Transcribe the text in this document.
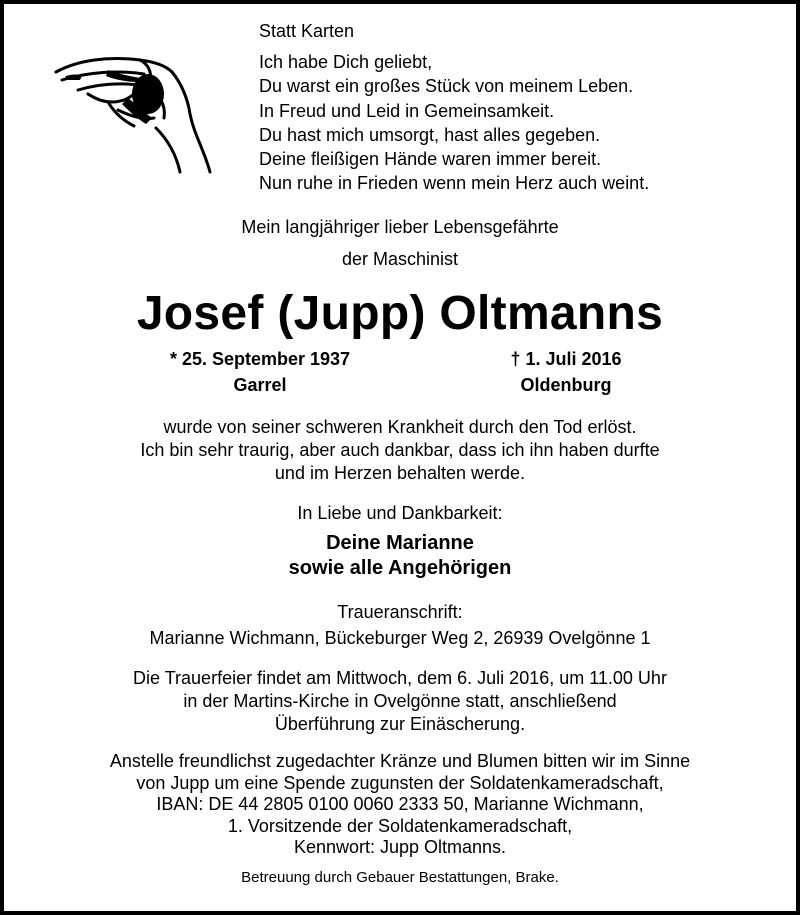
Statt Karten
Ich habe Dich geliebt,
Du warst ein großes Stück von meinem Leben.
In Freud und Leid in Gemeinsamkeit.
Du hast mich umsorgt, hast alles gegeben.
Deine fleißigen Hände waren immer bereit.
Nun ruhe in Frieden wenn mein Herz auch weint.
Mein langjähriger lieber Lebensgefährte
der Maschinist
Josef (Jupp) Oltmanns
* 25. September 1937
Garrel
† 1. Juli 2016
Oldenburg
wurde von seiner schweren Krankheit durch den Tod erlöst.
Ich bin sehr traurig, aber auch dankbar, dass ich ihn haben durfte
und im Herzen behalten werde.
In Liebe und Dankbarkeit:
Deine Marianne
sowie alle Angehörigen
Traueranschrift:
Marianne Wichmann, Bückeburger Weg 2, 26939 Ovelgönne 1
Die Trauerfeier findet am Mittwoch, dem 6. Juli 2016, um 11.00 Uhr
in der Martins-Kirche in Ovelgönne statt, anschließend
Überführung zur Einäscherung.
Anstelle freundlichst zugedachter Kränze und Blumen bitten wir im Sinne
von Jupp um eine Spende zugunsten der Soldatenkameradschaft,
IBAN: DE 44 2805 0100 0060 2333 50, Marianne Wichmann,
1. Vorsitzende der Soldatenkameradschaft,
Kennwort: Jupp Oltmanns.
Betreuung durch Gebauer Bestattungen, Brake.
